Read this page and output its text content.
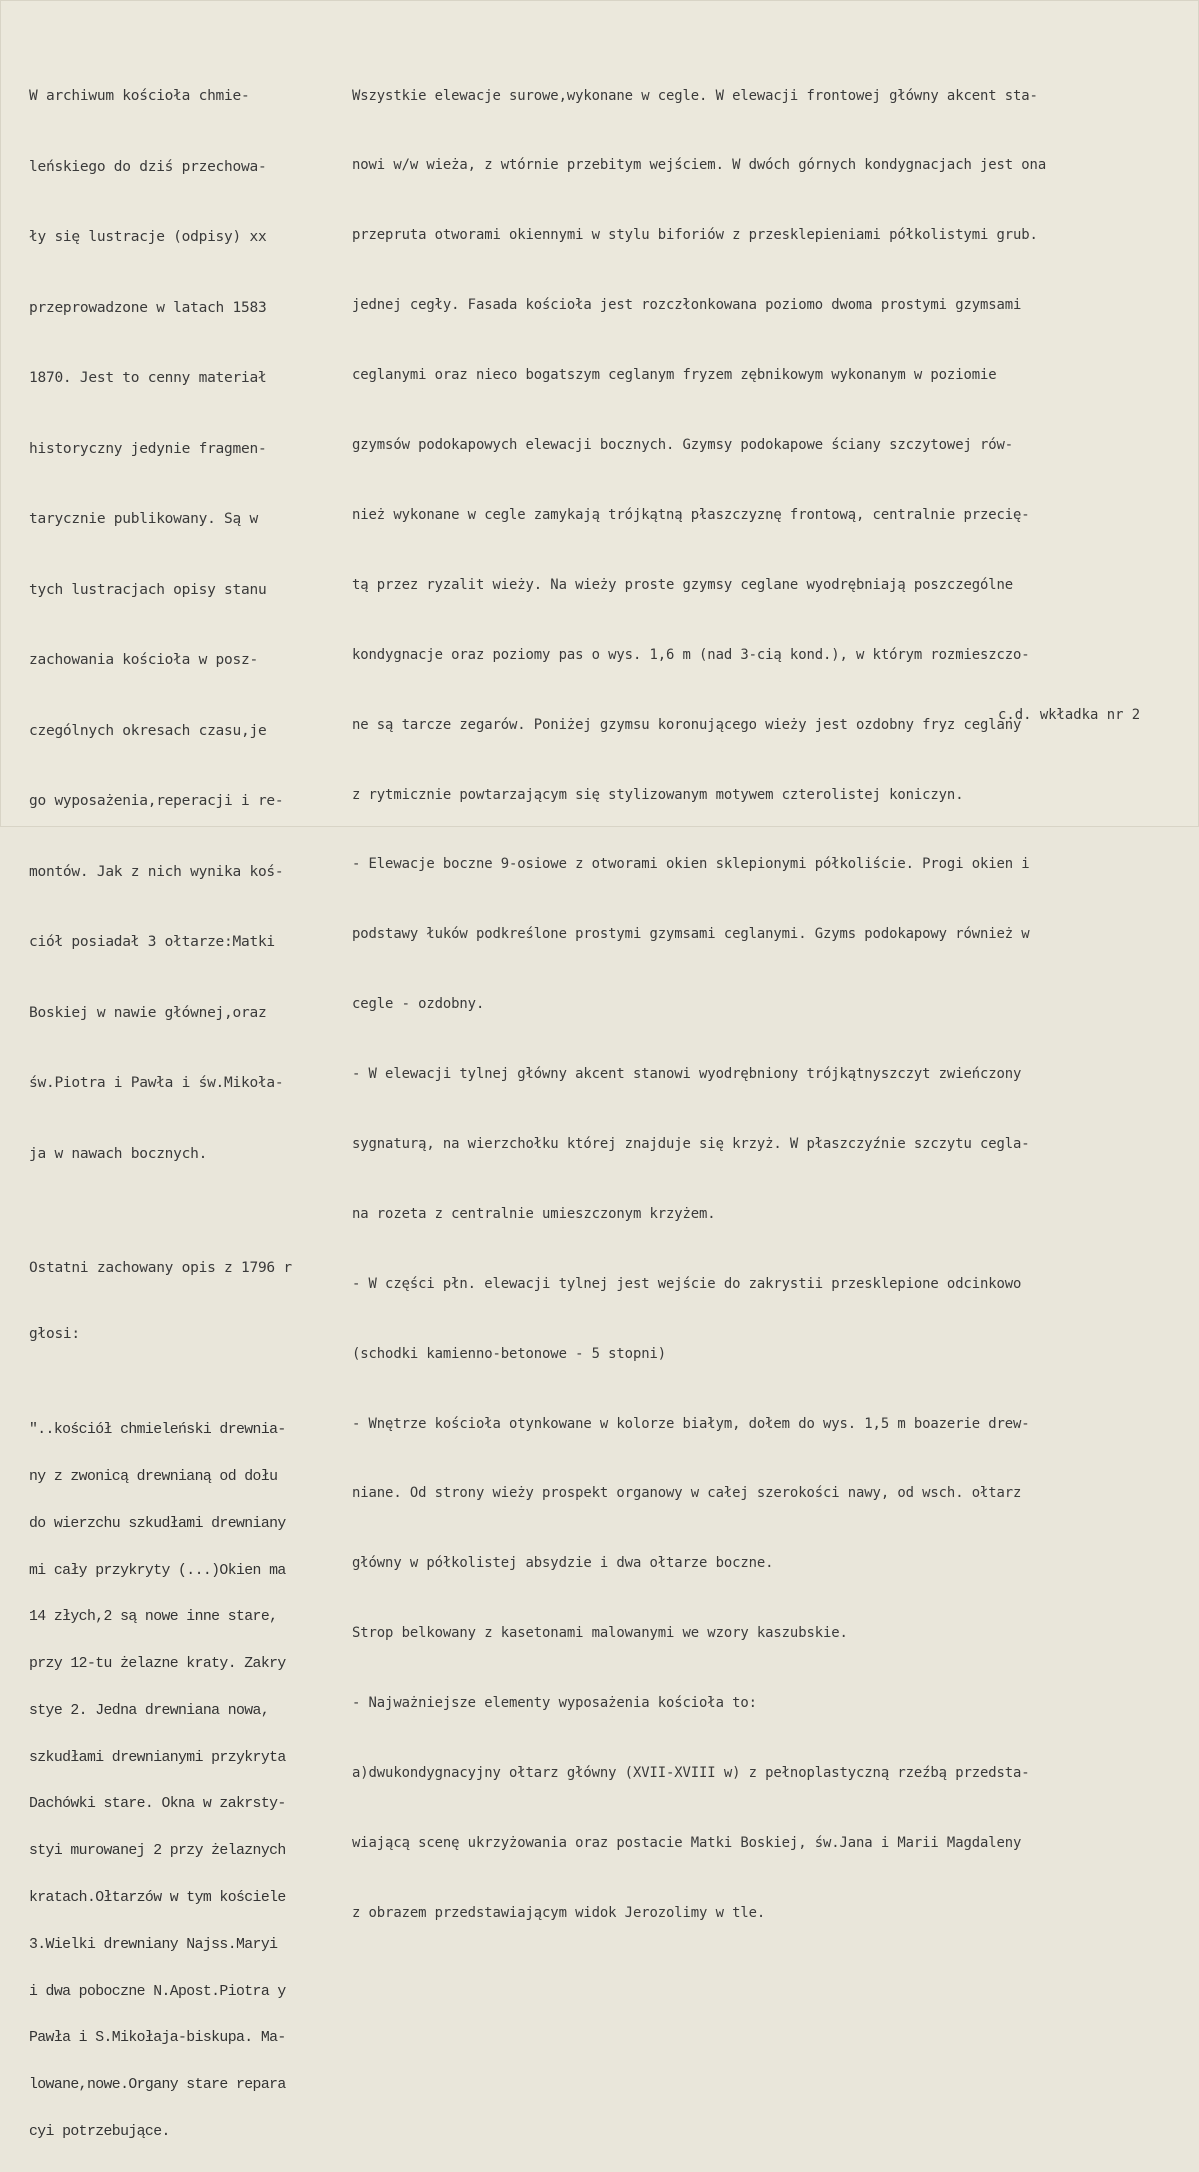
W archiwum kościoła chmie-

leńskiego do dziś przechowa-

ły się lustracje (odpisy) xx

przeprowadzone w latach 1583

1870. Jest to cenny materiał

historyczny jedynie fragmen-

tarycznie publikowany. Są w

tych lustracjach opisy stanu

zachowania kościoła w posz-

czególnych okresach czasu,je

go wyposażenia,reperacji i re-

montów. Jak z nich wynika koś-

ciół posiadał 3 ołtarze:Matki

Boskiej w nawie głównej,oraz

św.Piotra i Pawła i św.Mikoła-

ja w nawach bocznych.

Ostatni zachowany opis z 1796 r

głosi:

"..kościół chmieleński drewnia-

ny z zwonicą drewnianą od dołu

do wierzchu szkudłami drewniany

mi cały przykryty (...)Okien ma

14 złych,2 są nowe inne stare,

przy 12-tu żelazne kraty. Zakry

stye 2. Jedna drewniana nowa,

szkudłami drewnianymi przykryta

Dachówki stare. Okna w zakrsty-

styi murowanej 2 przy żelaznych

kratach.Ołtarzów w tym kościele

3.Wielki drewniany Najss.Maryi

i dwa poboczne N.Apost.Piotra y

Pawła i S.Mikołaja-biskupa. Ma-

lowane,nowe.Organy stare repara

cyi potrzebujące.

Wszystkie elewacje surowe,wykonane w cegle. W elewacji frontowej główny akcent sta-

nowi w/w wieża, z wtórnie przebitym wejściem. W dwóch górnych kondygnacjach jest ona

przepruta otworami okiennymi w stylu biforiów z przesklepieniami półkolistymi grub.

jednej cegły. Fasada kościoła jest rozczłonkowana poziomo dwoma prostymi gzymsami

ceglanymi oraz nieco bogatszym ceglanym fryzem zębnikowym wykonanym w poziomie

gzymsów podokapowych elewacji bocznych. Gzymsy podokapowe ściany szczytowej rów-

nież wykonane w cegle zamykają trójkątną płaszczyznę frontową, centralnie przecię-

tą przez ryzalit wieży. Na wieży proste gzymsy ceglane wyodrębniają poszczególne

kondygnacje oraz poziomy pas o wys. 1,6 m (nad 3-cią kond.), w którym rozmieszczo-

ne są tarcze zegarów. Poniżej gzymsu koronującego wieży jest ozdobny fryz ceglany

z rytmicznie powtarzającym się stylizowanym motywem czterolistej koniczyn.

- Elewacje boczne 9-osiowe z otworami okien sklepionymi półkoliście. Progi okien i

podstawy łuków podkreślone prostymi gzymsami ceglanymi. Gzyms podokapowy również w

cegle - ozdobny.

- W elewacji tylnej główny akcent stanowi wyodrębniony trójkątnyszczyt zwieńczony

sygnaturą, na wierzchołku której znajduje się krzyż. W płaszczyźnie szczytu cegla-

na rozeta z centralnie umieszczonym krzyżem.

- W części płn. elewacji tylnej jest wejście do zakrystii przesklepione odcinkowo

(schodki kamienno-betonowe - 5 stopni)

- Wnętrze kościoła otynkowane w kolorze białym, dołem do wys. 1,5 m boazerie drew-

niane. Od strony wieży prospekt organowy w całej szerokości nawy, od wsch. ołtarz

główny w półkolistej absydzie i dwa ołtarze boczne.

Strop belkowany z kasetonami malowanymi we wzory kaszubskie.

- Najważniejsze elementy wyposażenia kościoła to:

a)dwukondygnacyjny ołtarz główny (XVII-XVIII w) z pełnoplastyczną rzeźbą przedsta-

wiającą scenę ukrzyżowania oraz postacie Matki Boskiej, św.Jana i Marii Magdaleny

z obrazem przedstawiającym widok Jerozolimy w tle.

c.d. wkładka nr 2
